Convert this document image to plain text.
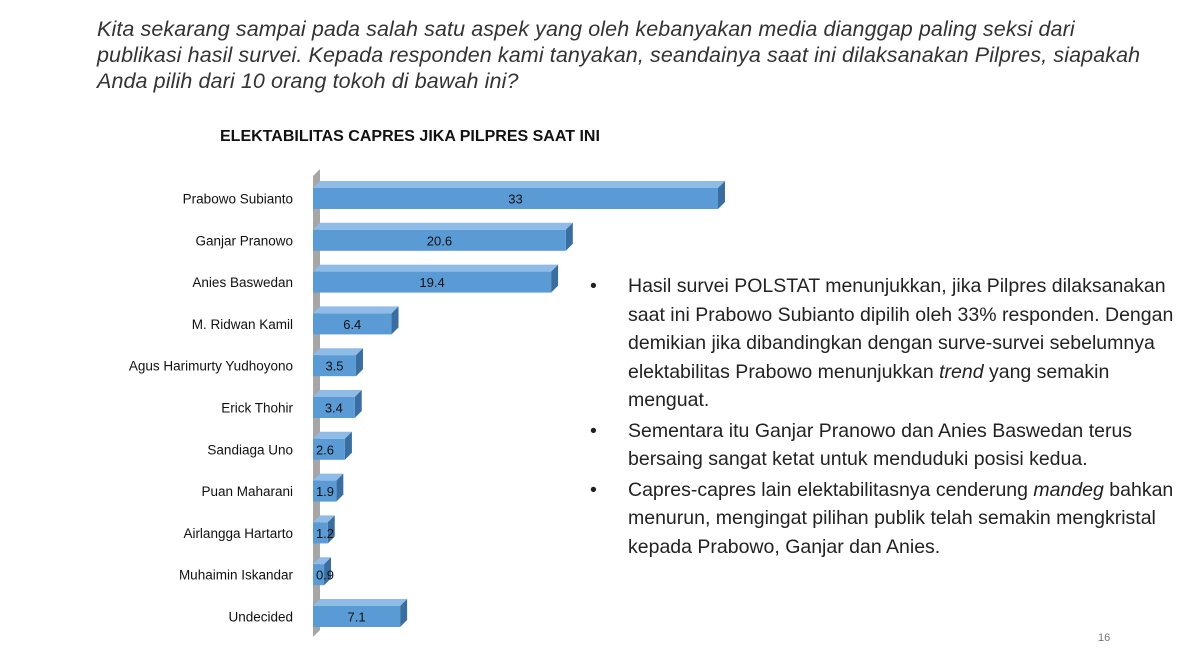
Kita sekarang sampai pada salah satu aspek yang oleh kebanyakan media dianggap paling seksi dari publikasi hasil survei. Kepada responden kami tanyakan, seandainya saat ini dilaksanakan Pilpres, siapakah Anda pilih dari 10 orang tokoh di bawah ini?
ELEKTABILITAS CAPRES JIKA PILPRES SAAT INI
Prabowo Subianto	33
Ganjar Pranowo	20.6
Anies Baswedan	19.4
M. Ridwan Kamil	6.4
Agus Harimurty Yudhoyono 3.5
Erick Thohir 3.4
Sandiaga Uno 2.6
Puan Maharani 1.9
Airlangga Hartarto 1.2
Muhaimin Iskandar 0.9
Undecided	7.1
• Hasil survei POLSTAT menunjukkan, jika Pilpres dilaksanakan saat ini Prabowo Subianto dipilih oleh 33% responden. Dengan demikian jika dibandingkan dengan surve-survei sebelumnya elektabilitas Prabowo menunjukkan trend yang semakin menguat.
• Sementara itu Ganjar Pranowo dan Anies Baswedan terus bersaing sangat ketat untuk menduduki posisi kedua.
• Capres-capres lain elektabilitasnya cenderung mandeg bahkan menurun, mengingat pilihan publik telah semakin mengkristal kepada Prabowo, Ganjar dan Anies.
16
